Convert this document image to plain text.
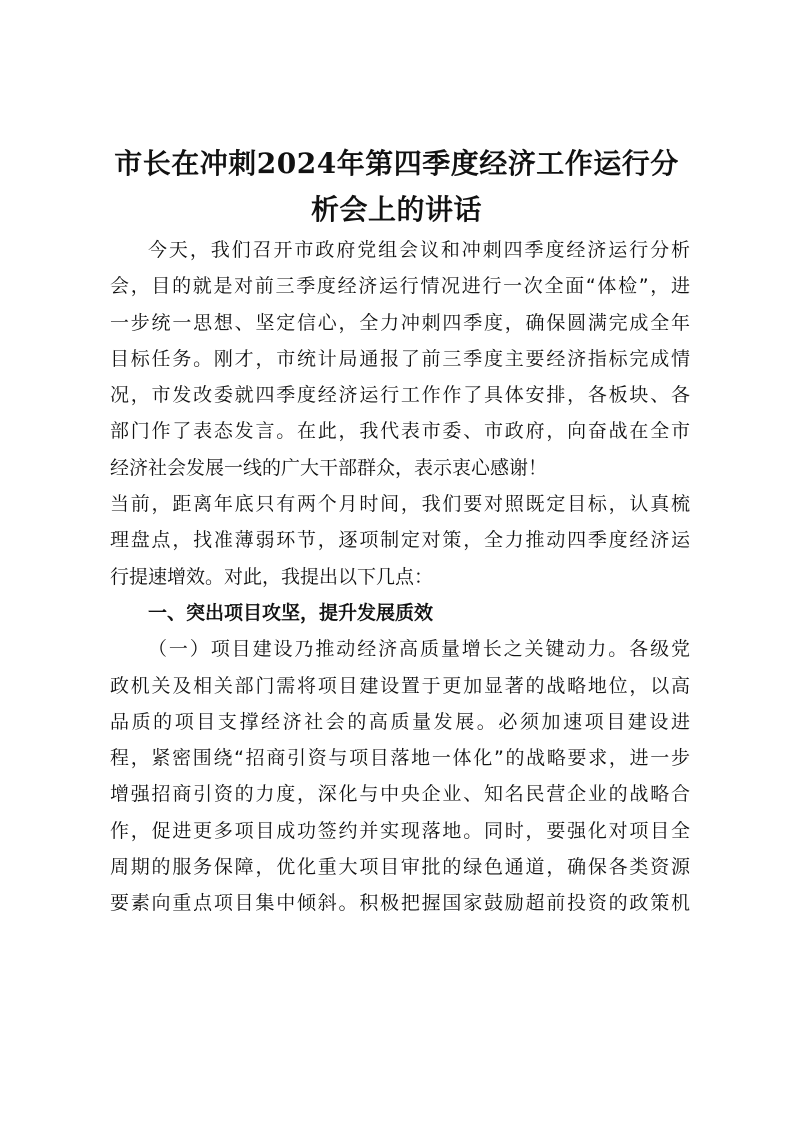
市长在冲刺2024年第四季度经济工作运行分
析会上的讲话
今天，我们召开市政府党组会议和冲刺四季度经济运行分析
会，目的就是对前三季度经济运行情况进行一次全面“体检”，进
一步统一思想、坚定信心，全力冲刺四季度，确保圆满完成全年
目标任务。刚才，市统计局通报了前三季度主要经济指标完成情
况，市发改委就四季度经济运行工作作了具体安排，各板块、各
部门作了表态发言。在此，我代表市委、市政府，向奋战在全市
经济社会发展一线的广大干部群众，表示衷心感谢！
当前，距离年底只有两个月时间，我们要对照既定目标，认真梳
理盘点，找准薄弱环节，逐项制定对策，全力推动四季度经济运
行提速增效。对此，我提出以下几点：
一、突出项目攻坚，提升发展质效
（一）项目建设乃推动经济高质量增长之关键动力。各级党
政机关及相关部门需将项目建设置于更加显著的战略地位，以高
品质的项目支撑经济社会的高质量发展。必须加速项目建设进
程，紧密围绕“招商引资与项目落地一体化”的战略要求，进一步
增强招商引资的力度，深化与中央企业、知名民营企业的战略合
作，促进更多项目成功签约并实现落地。同时，要强化对项目全
周期的服务保障，优化重大项目审批的绿色通道，确保各类资源
要素向重点项目集中倾斜。积极把握国家鼓励超前投资的政策机
